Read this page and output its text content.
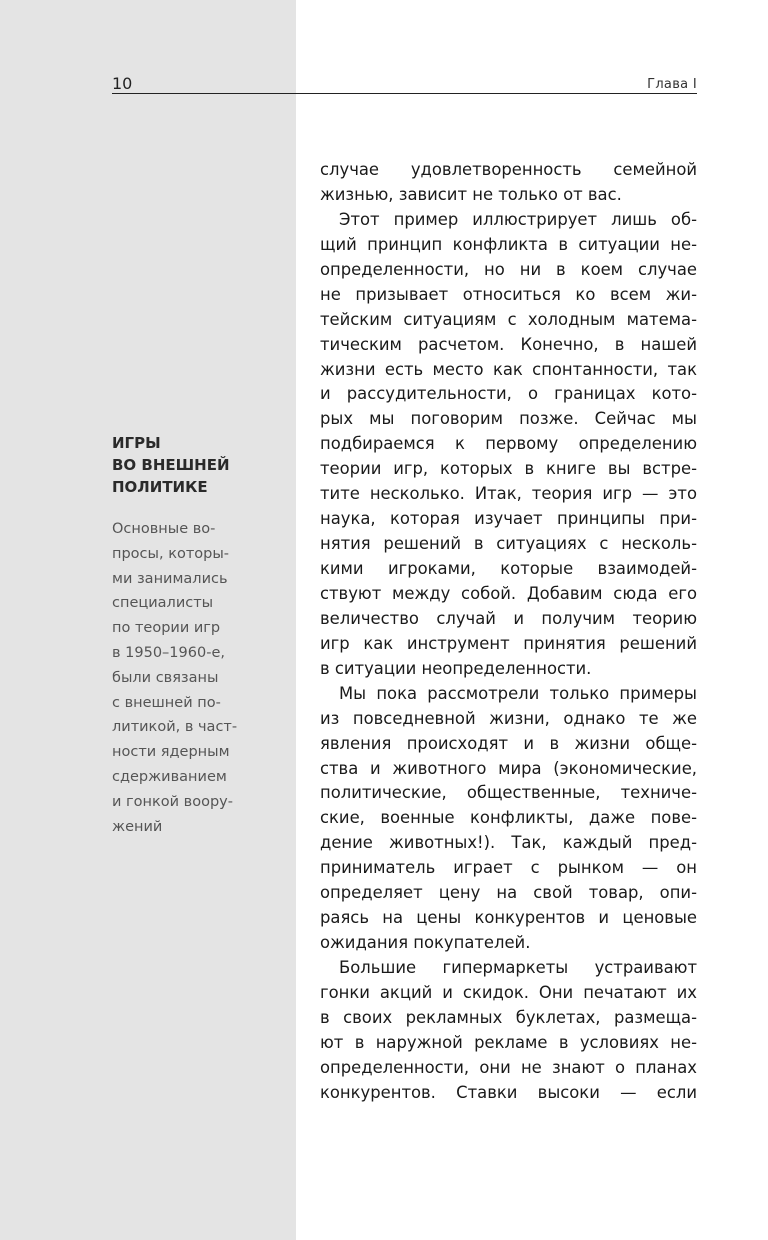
10	Глава I
ИГРЫ
ВО ВНЕШНЕЙ
ПОЛИТИКЕ
Основные во-
просы, которы-
ми занимались
специалисты
по теории игр
в 1950–1960-е,
были связаны
с внешней по-
литикой, в част-
ности ядерным
сдерживанием
и гонкой воору-
жений
случае удовлетворенность семейной
жизнью, зависит не только от вас.
Этот пример иллюстрирует лишь об-
щий принцип конфликта в ситуации не-
определенности, но ни в коем случае
не призывает относиться ко всем жи-
тейским ситуациям с холодным матема-
тическим расчетом. Конечно, в нашей
жизни есть место как спонтанности, так
и рассудительности, о границах кото-
рых мы поговорим позже. Сейчас мы
подбираемся к первому определению
теории игр, которых в книге вы встре-
тите несколько. Итак, теория игр — это
наука, которая изучает принципы при-
нятия решений в ситуациях с несколь-
кими игроками, которые взаимодей-
ствуют между собой. Добавим сюда его
величество случай и получим теорию
игр как инструмент принятия решений
в ситуации неопределенности.
Мы пока рассмотрели только примеры
из повседневной жизни, однако те же
явления происходят и в жизни обще-
ства и животного мира (экономические,
политические, общественные, техниче-
ские, военные конфликты, даже пове-
дение животных!). Так, каждый пред-
приниматель играет с рынком — он
определяет цену на свой товар, опи-
раясь на цены конкурентов и ценовые
ожидания покупателей.
Большие гипермаркеты устраивают
гонки акций и скидок. Они печатают их
в своих рекламных буклетах, размеща-
ют в наружной рекламе в условиях не-
определенности, они не знают о планах
конкурентов. Ставки высоки — если
